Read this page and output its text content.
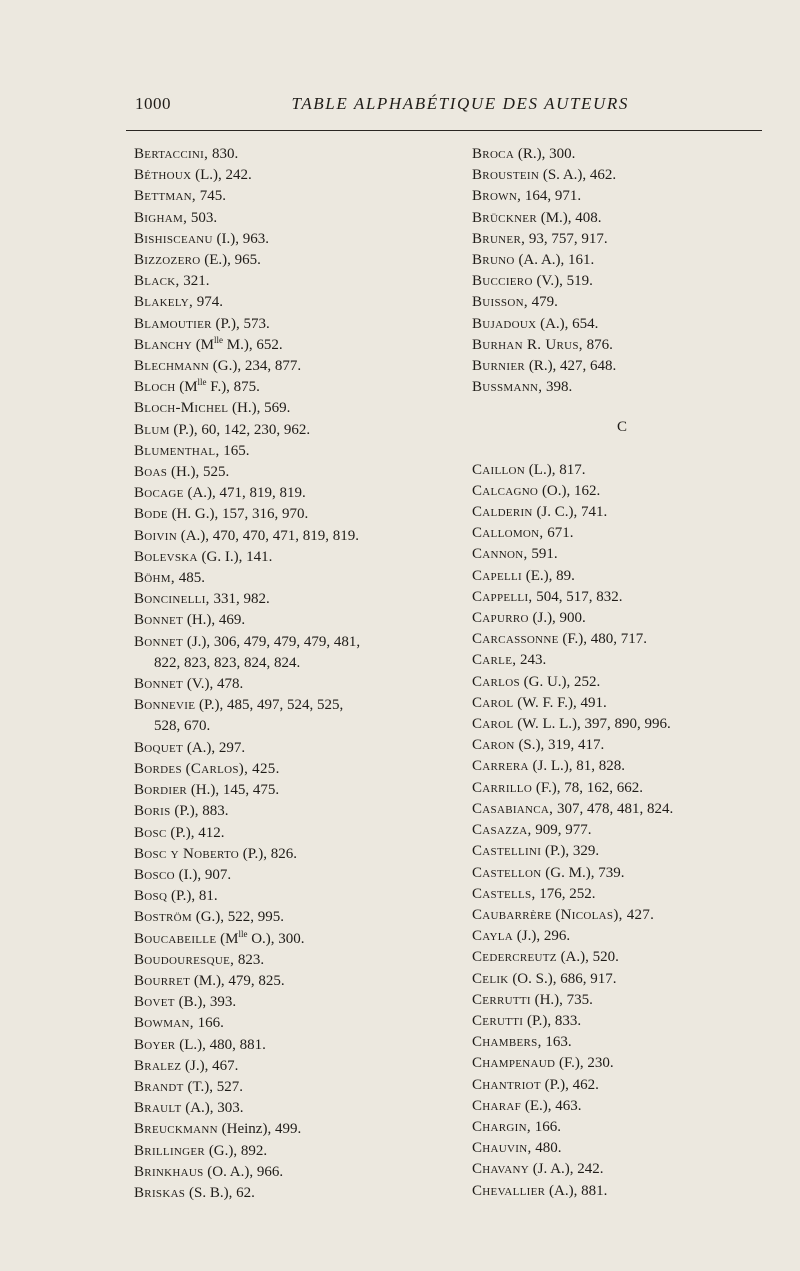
1000	TABLE ALPHABÉTIQUE DES AUTEURS
Bertaccini, 830.
Béthoux (L.), 242.
Bettman, 745.
Bigham, 503.
Bishisceanu (I.), 963.
Bizzozero (E.), 965.
Black, 321.
Blakely, 974.
Blamoutier (P.), 573.
Blanchy ($M^{lle}$ M.), 652.
Blechmann (G.), 234, 877.
Bloch ($M^{lle}$ F.), 875.
Bloch-Michel (H.), 569.
Blum (P.), 60, 142, 230, 962.
Blumenthal, 165.
Boas (H.), 525.
Bocage (A.), 471, 819, 819.
Bode (H. G.), 157, 316, 970.
Boivin (A.), 470, 470, 471, 819, 819.
Bolevska (G. I.), 141.
Böhm, 485.
Boncinelli, 331, 982.
Bonnet (H.), 469.
Bonnet (J.), 306, 479, 479, 479, 481,
822, 823, 823, 824, 824.
Bonnet (V.), 478.
Bonnevie (P.), 485, 497, 524, 525,
528, 670.
Boquet (A.), 297.
Bordes (Carlos), 425.
Bordier (H.), 145, 475.
Boris (P.), 883.
Bosc (P.), 412.
Bosc y Noberto (P.), 826.
Bosco (I.), 907.
Bosq (P.), 81.
Boström (G.), 522, 995.
Boucabeille ($M^{lle}$ O.), 300.
Boudouresque, 823.
Bourret (M.), 479, 825.
Bovet (B.), 393.
Bowman, 166.
Boyer (L.), 480, 881.
Bralez (J.), 467.
Brandt (T.), 527.
Brault (A.), 303.
Breuckmann (Heinz), 499.
Brillinger (G.), 892.
Brinkhaus (O. A.), 966.
Briskas (S. B.), 62.
Broca (R.), 300.
Broustein (S. A.), 462.
Brown, 164, 971.
Brückner (M.), 408.
Bruner, 93, 757, 917.
Bruno (A. A.), 161.
Bucciero (V.), 519.
Buisson, 479.
Bujadoux (A.), 654.
Burhan R. Urus, 876.
Burnier (R.), 427, 648.
Bussmann, 398.
C
Caillon (L.), 817.
Calcagno (O.), 162.
Calderin (J. C.), 741.
Callomon, 671.
Cannon, 591.
Capelli (E.), 89.
Cappelli, 504, 517, 832.
Capurro (J.), 900.
Carcassonne (F.), 480, 717.
Carle, 243.
Carlos (G. U.), 252.
Carol (W. F. F.), 491.
Carol (W. L. L.), 397, 890, 996.
Caron (S.), 319, 417.
Carrera (J. L.), 81, 828.
Carrillo (F.), 78, 162, 662.
Casabianca, 307, 478, 481, 824.
Casazza, 909, 977.
Castellini (P.), 329.
Castellon (G. M.), 739.
Castells, 176, 252.
Caubarrère (Nicolas), 427.
Cayla (J.), 296.
Cedercreutz (A.), 520.
Celik (O. S.), 686, 917.
Cerrutti (H.), 735.
Cerutti (P.), 833.
Chambers, 163.
Champenaud (F.), 230.
Chantriot (P.), 462.
Charaf (E.), 463.
Chargin, 166.
Chauvin, 480.
Chavany (J. A.), 242.
Chevallier (A.), 881.
